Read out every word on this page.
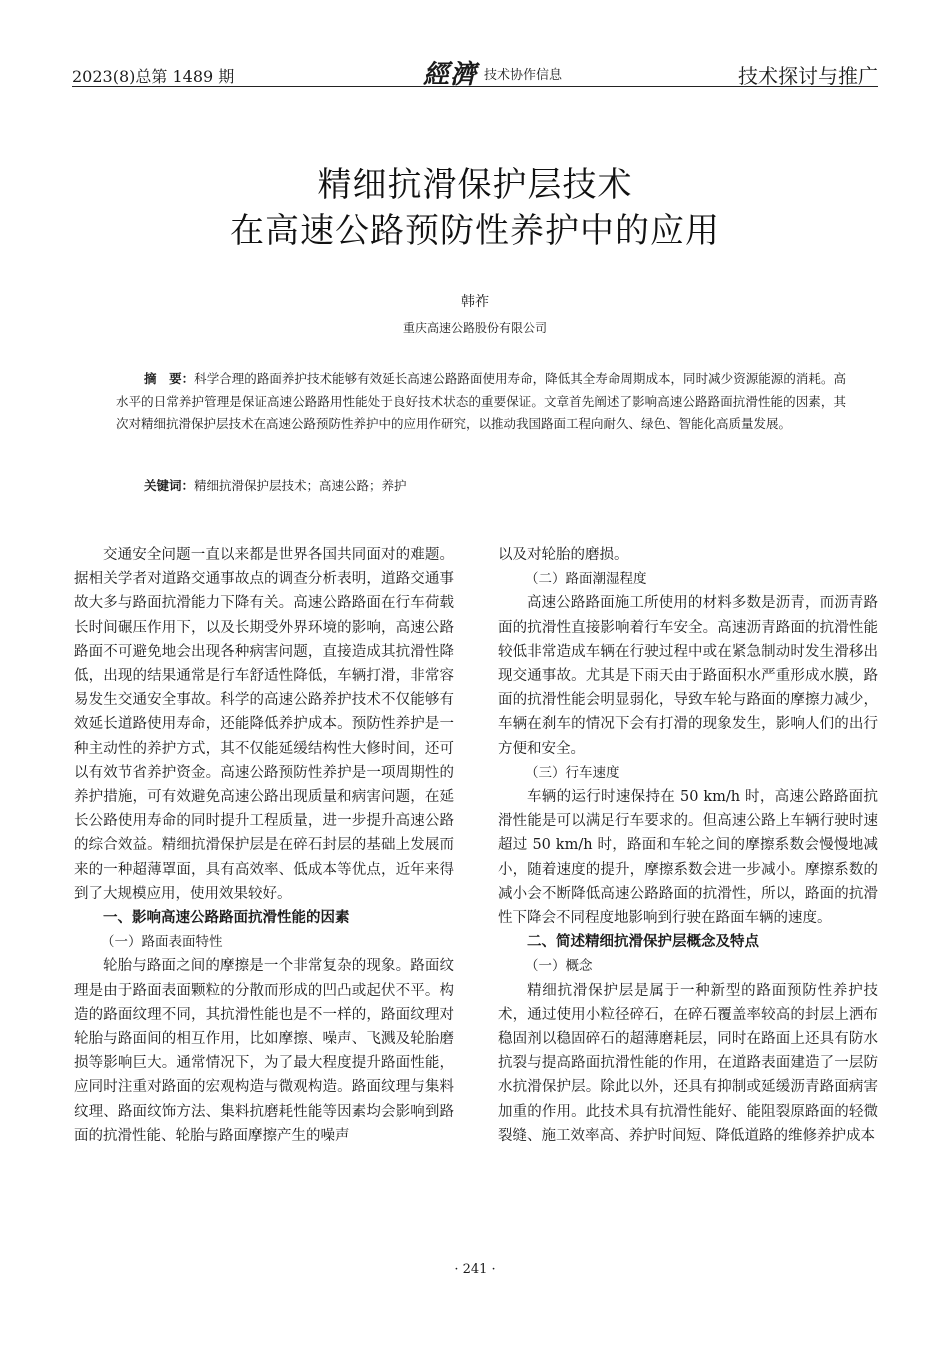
2023(8)总第 1489 期	經濟 技术协作信息	技术探讨与推广
精细抗滑保护层技术
在高速公路预防性养护中的应用
韩祚
重庆高速公路股份有限公司
摘　要：科学合理的路面养护技术能够有效延长高速公路路面使用寿命，降低其全寿命周期成本，同时减少资源能源的消耗。高水平的日常养护管理是保证高速公路路用性能处于良好技术状态的重要保证。文章首先阐述了影响高速公路路面抗滑性能的因素，其次对精细抗滑保护层技术在高速公路预防性养护中的应用作研究，以推动我国路面工程向耐久、绿色、智能化高质量发展。
关键词：精细抗滑保护层技术；高速公路；养护

交通安全问题一直以来都是世界各国共同面对的难题。据相关学者对道路交通事故点的调查分析表明，道路交通事故大多与路面抗滑能力下降有关。高速公路路面在行车荷载长时间碾压作用下，以及长期受外界环境的影响，高速公路路面不可避免地会出现各种病害问题，直接造成其抗滑性降低，出现的结果通常是行车舒适性降低，车辆打滑，非常容易发生交通安全事故。科学的高速公路养护技术不仅能够有效延长道路使用寿命，还能降低养护成本。预防性养护是一种主动性的养护方式，其不仅能延缓结构性大修时间，还可以有效节省养护资金。高速公路预防性养护是一项周期性的养护措施，可有效避免高速公路出现质量和病害问题，在延长公路使用寿命的同时提升工程质量，进一步提升高速公路的综合效益。精细抗滑保护层是在碎石封层的基础上发展而来的一种超薄罩面，具有高效率、低成本等优点，近年来得到了大规模应用，使用效果较好。

一、影响高速公路路面抗滑性能的因素
（一）路面表面特性

轮胎与路面之间的摩擦是一个非常复杂的现象。路面纹理是由于路面表面颗粒的分散而形成的凹凸或起伏不平。构造的路面纹理不同，其抗滑性能也是不一样的，路面纹理对轮胎与路面间的相互作用，比如摩擦、噪声、飞溅及轮胎磨损等影响巨大。通常情况下，为了最大程度提升路面性能，应同时注重对路面的宏观构造与微观构造。路面纹理与集料纹理、路面纹饰方法、集料抗磨耗性能等因素均会影响到路面的抗滑性能、轮胎与路面摩擦产生的噪声

以及对轮胎的磨损。

（二）路面潮湿程度

高速公路路面施工所使用的材料多数是沥青，而沥青路面的抗滑性直接影响着行车安全。高速沥青路面的抗滑性能较低非常造成车辆在行驶过程中或在紧急制动时发生滑移出现交通事故。尤其是下雨天由于路面积水严重形成水膜，路面的抗滑性能会明显弱化，导致车轮与路面的摩擦力减少，车辆在刹车的情况下会有打滑的现象发生，影响人们的出行方便和安全。

（三）行车速度

车辆的运行时速保持在 50 km/h 时，高速公路路面抗滑性能是可以满足行车要求的。但高速公路上车辆行驶时速超过 50 km/h 时，路面和车轮之间的摩擦系数会慢慢地减小，随着速度的提升，摩擦系数会进一步减小。摩擦系数的减小会不断降低高速公路路面的抗滑性，所以，路面的抗滑性下降会不同程度地影响到行驶在路面车辆的速度。

二、简述精细抗滑保护层概念及特点
（一）概念

精细抗滑保护层是属于一种新型的路面预防性养护技术，通过使用小粒径碎石，在碎石覆盖率较高的封层上洒布稳固剂以稳固碎石的超薄磨耗层，同时在路面上还具有防水抗裂与提高路面抗滑性能的作用，在道路表面建造了一层防水抗滑保护层。除此以外，还具有抑制或延缓沥青路面病害加重的作用。此技术具有抗滑性能好、能阻裂原路面的轻微裂缝、施工效率高、养护时间短、降低道路的维修养护成本

· 241 ·
